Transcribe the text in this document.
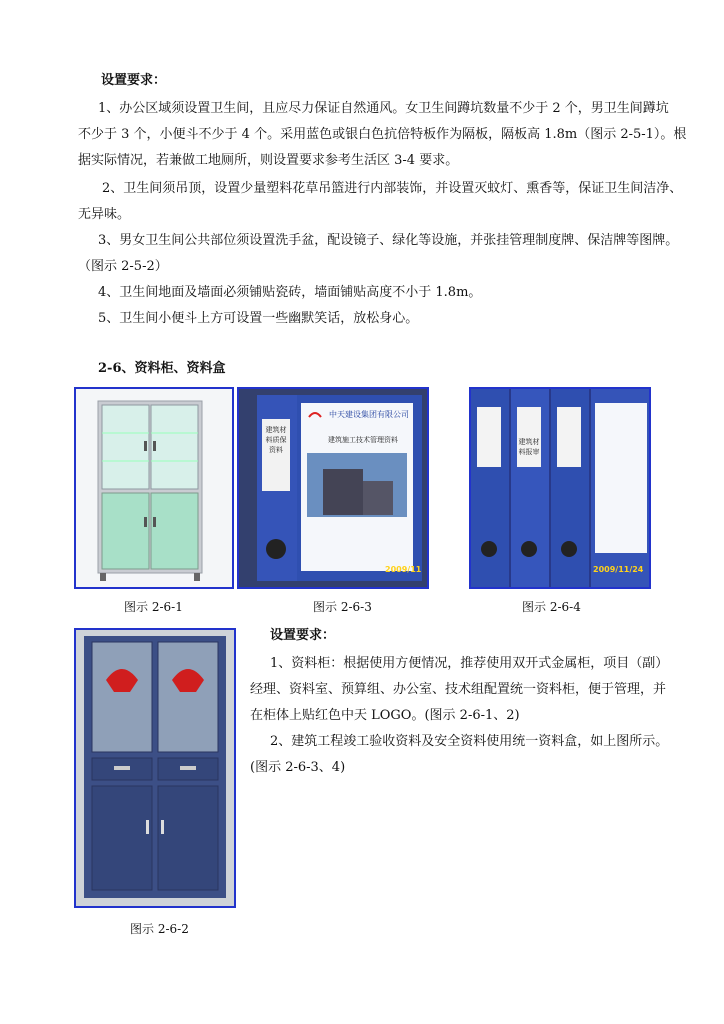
设置要求：
1、办公区域须设置卫生间，且应尽力保证自然通风。女卫生间蹲坑数量不少于 2 个，男卫生间蹲坑
不少于 3 个，小便斗不少于 4 个。采用蓝色或银白色抗倍特板作为隔板，隔板高 1.8m（图示 2-5-1）。根
据实际情况，若兼做工地厕所，则设置要求参考生活区 3-4 要求。
2、卫生间须吊顶，设置少量塑料花草吊篮进行内部装饰，并设置灭蚊灯、熏香等，保证卫生间洁净、
无异味。
3、男女卫生间公共部位须设置洗手盆，配设镜子、绿化等设施，并张挂管理制度牌、保洁牌等图牌。
（图示 2-5-2）
4、卫生间地面及墙面必须铺贴瓷砖，墙面铺贴高度不小于 1.8m。
5、卫生间小便斗上方可设置一些幽默笑话，放松身心。
2-6、资料柜、资料盒
中天建设集团有限公司
建筑施工技术管理资料
建筑材料质保资料
2009/11
建筑材料报审
2009/11/24
图示 2-6-1	图示 2-6-3	图示 2-6-4
图示 2-6-2
设置要求：
1、资料柜：根据使用方便情况，推荐使用双开式金属柜，项目（副）
经理、资料室、预算组、办公室、技术组配置统一资料柜，便于管理，并
在柜体上贴红色中天 LOGO。(图示 2-6-1、2)
2、建筑工程竣工验收资料及安全资料使用统一资料盒，如上图所示。
(图示 2-6-3、4)
